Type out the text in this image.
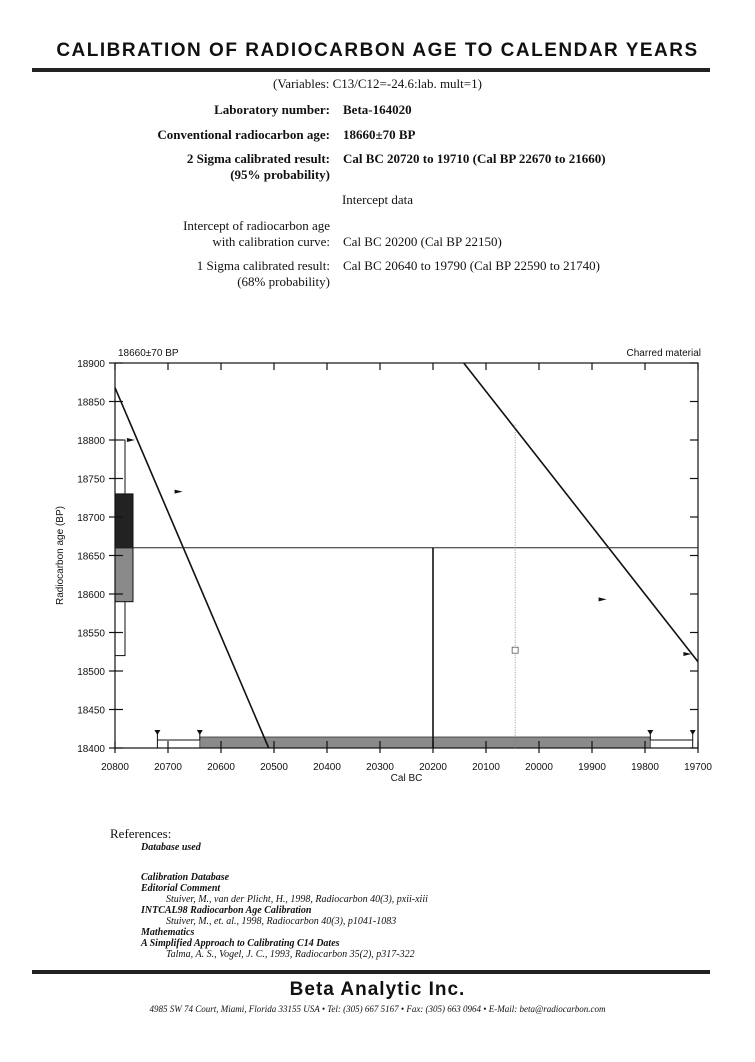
CALIBRATION OF RADIOCARBON AGE TO CALENDAR YEARS
(Variables: C13/C12=-24.6:lab. mult=1)
Laboratory number: Beta-164020
Conventional radiocarbon age: 18660±70 BP
2 Sigma calibrated result:
(95% probability)
Cal BC 20720 to 19710 (Cal BP 22670 to 21660)
Intercept data
Intercept of radiocarbon age
with calibration curve: Cal BC 20200 (Cal BP 22150)
1 Sigma calibrated result:
(68% probability)
Cal BC 20640 to 19790 (Cal BP 22590 to 21740)
18400
18450
18500
18550
18600
18650
18700
18750
18800
18850
18900
20800	20700	20600	20500	20400	20300	20200	20100	20000	19900	19800	19700
18660±70 BP	Charred material
Cal BC
Radiocarbon age (BP)
References:
Database used
Calibration Database
Editorial Comment
Stuiver, M., van der Plicht, H., 1998, Radiocarbon 40(3), pxii-xiii
INTCAL98 Radiocarbon Age Calibration
Stuiver, M., et. al., 1998, Radiocarbon 40(3), p1041-1083
Mathematics
A Simplified Approach to Calibrating C14 Dates
Talma, A. S., Vogel, J. C., 1993, Radiocarbon 35(2), p317-322
Beta Analytic Inc.
4985 SW 74 Court, Miami, Florida 33155 USA • Tel: (305) 667 5167 • Fax: (305) 663 0964 • E-Mail: beta@radiocarbon.com
